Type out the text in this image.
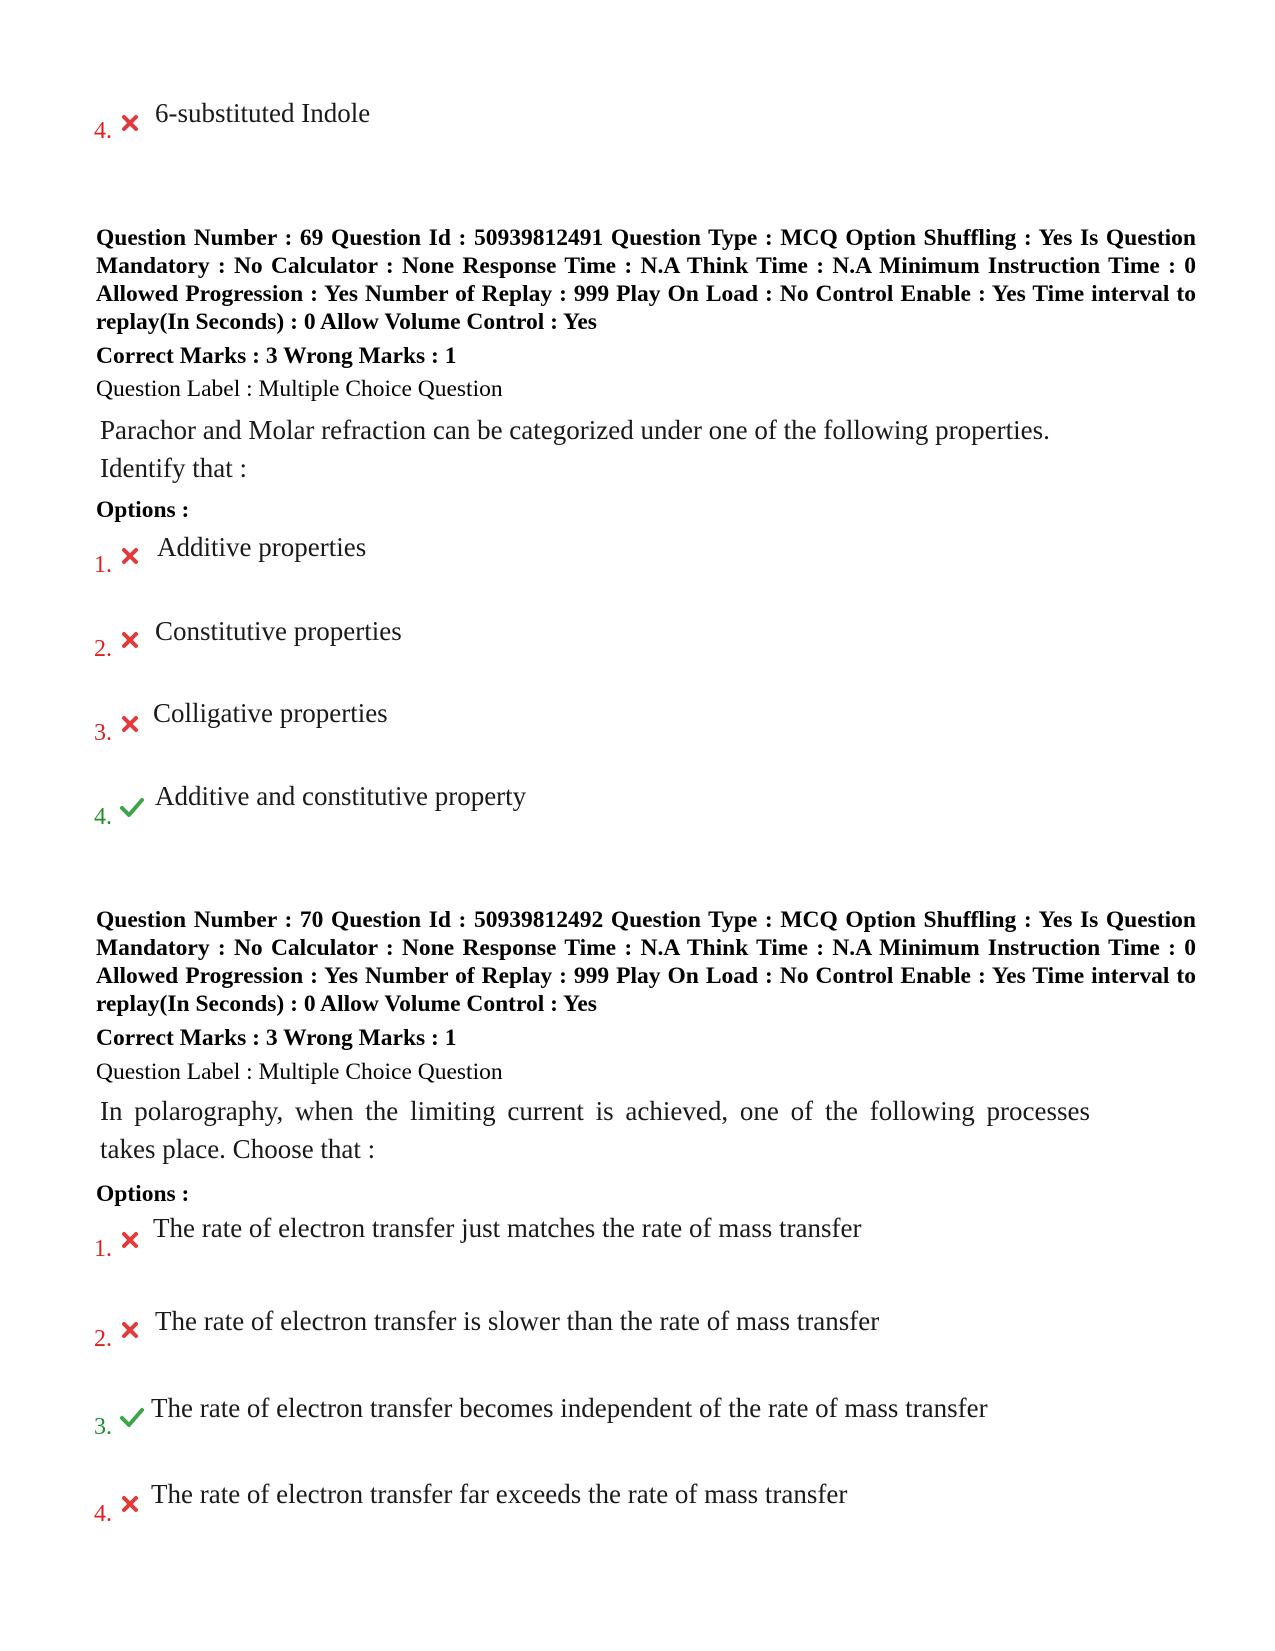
4.
6-substituted Indole
Question Number : 69 Question Id : 50939812491 Question Type : MCQ Option Shuffling : Yes Is Question Mandatory : No Calculator : None Response Time : N.A Think Time : N.A Minimum Instruction Time : 0 Allowed Progression : Yes Number of Replay : 999 Play On Load : No Control Enable : Yes Time interval to replay(In Seconds) : 0 Allow Volume Control : Yes
Correct Marks : 3 Wrong Marks : 1
Question Label : Multiple Choice Question
Parachor and Molar refraction can be categorized under one of the following properties. Identify that :
Options :
1.
Additive properties
2.
Constitutive properties
3.
Colligative properties
4.
Additive and constitutive property
Question Number : 70 Question Id : 50939812492 Question Type : MCQ Option Shuffling : Yes Is Question Mandatory : No Calculator : None Response Time : N.A Think Time : N.A Minimum Instruction Time : 0 Allowed Progression : Yes Number of Replay : 999 Play On Load : No Control Enable : Yes Time interval to replay(In Seconds) : 0 Allow Volume Control : Yes
Correct Marks : 3 Wrong Marks : 1
Question Label : Multiple Choice Question
In polarography, when the limiting current is achieved, one of the following processes takes place. Choose that :
Options :
1.
The rate of electron transfer just matches the rate of mass transfer
2.
The rate of electron transfer is slower than the rate of mass transfer
3.
The rate of electron transfer becomes independent of the rate of mass transfer
4.
The rate of electron transfer far exceeds the rate of mass transfer
